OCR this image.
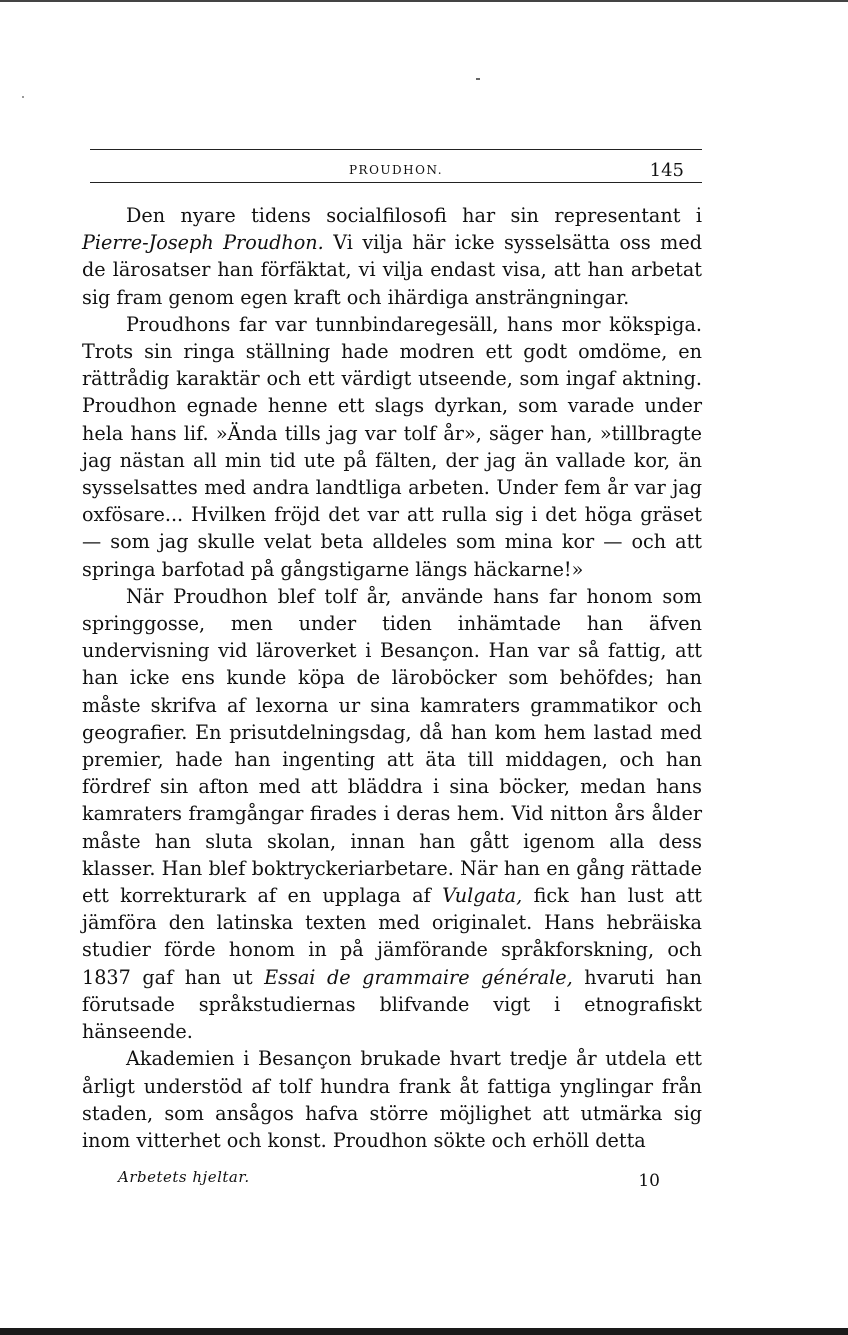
PROUDHON.	145

Den nyare tidens socialfilosofi har sin representant i Pierre-Joseph Proudhon. Vi vilja här icke sysselsätta oss med de lärosatser han förfäktat, vi vilja endast visa, att han arbetat sig fram genom egen kraft och ihärdiga ansträngningar.

Proudhons far var tunnbindaregesäll, hans mor kökspiga. Trots sin ringa ställning hade modren ett godt omdöme, en rättrådig karaktär och ett värdigt utseende, som ingaf aktning. Proudhon egnade henne ett slags dyrkan, som varade under hela hans lif. »Ända tills jag var tolf år», säger han, »tillbragte jag nästan all min tid ute på fälten, der jag än vallade kor, än sysselsattes med andra landtliga arbeten. Under fem år var jag oxfösare... Hvilken fröjd det var att rulla sig i det höga gräset — som jag skulle velat beta alldeles som mina kor — och att springa barfotad på gångstigarne längs häckarne!»

När Proudhon blef tolf år, använde hans far honom som springgosse, men under tiden inhämtade han äfven undervisning vid läroverket i Besançon. Han var så fattig, att han icke ens kunde köpa de läroböcker som behöfdes; han måste skrifva af lexorna ur sina kamraters grammatikor och geografier. En prisutdelningsdag, då han kom hem lastad med premier, hade han ingenting att äta till middagen, och han fördref sin afton med att bläddra i sina böcker, medan hans kamraters framgångar firades i deras hem. Vid nitton års ålder måste han sluta skolan, innan han gått igenom alla dess klasser. Han blef boktryckeriarbetare. När han en gång rättade ett korrekturark af en upplaga af Vulgata, fick han lust att jämföra den latinska texten med originalet. Hans hebräiska studier förde honom in på jämförande språkforskning, och 1837 gaf han ut Essai de grammaire générale, hvaruti han förutsade språkstudiernas blifvande vigt i etnografiskt hänseende.

Akademien i Besançon brukade hvart tredje år utdela ett årligt understöd af tolf hundra frank åt fattiga ynglingar från staden, som ansågos hafva större möjlighet att utmärka sig inom vitterhet och konst. Proudhon sökte och erhöll detta

Arbetets hjeltar.	10
